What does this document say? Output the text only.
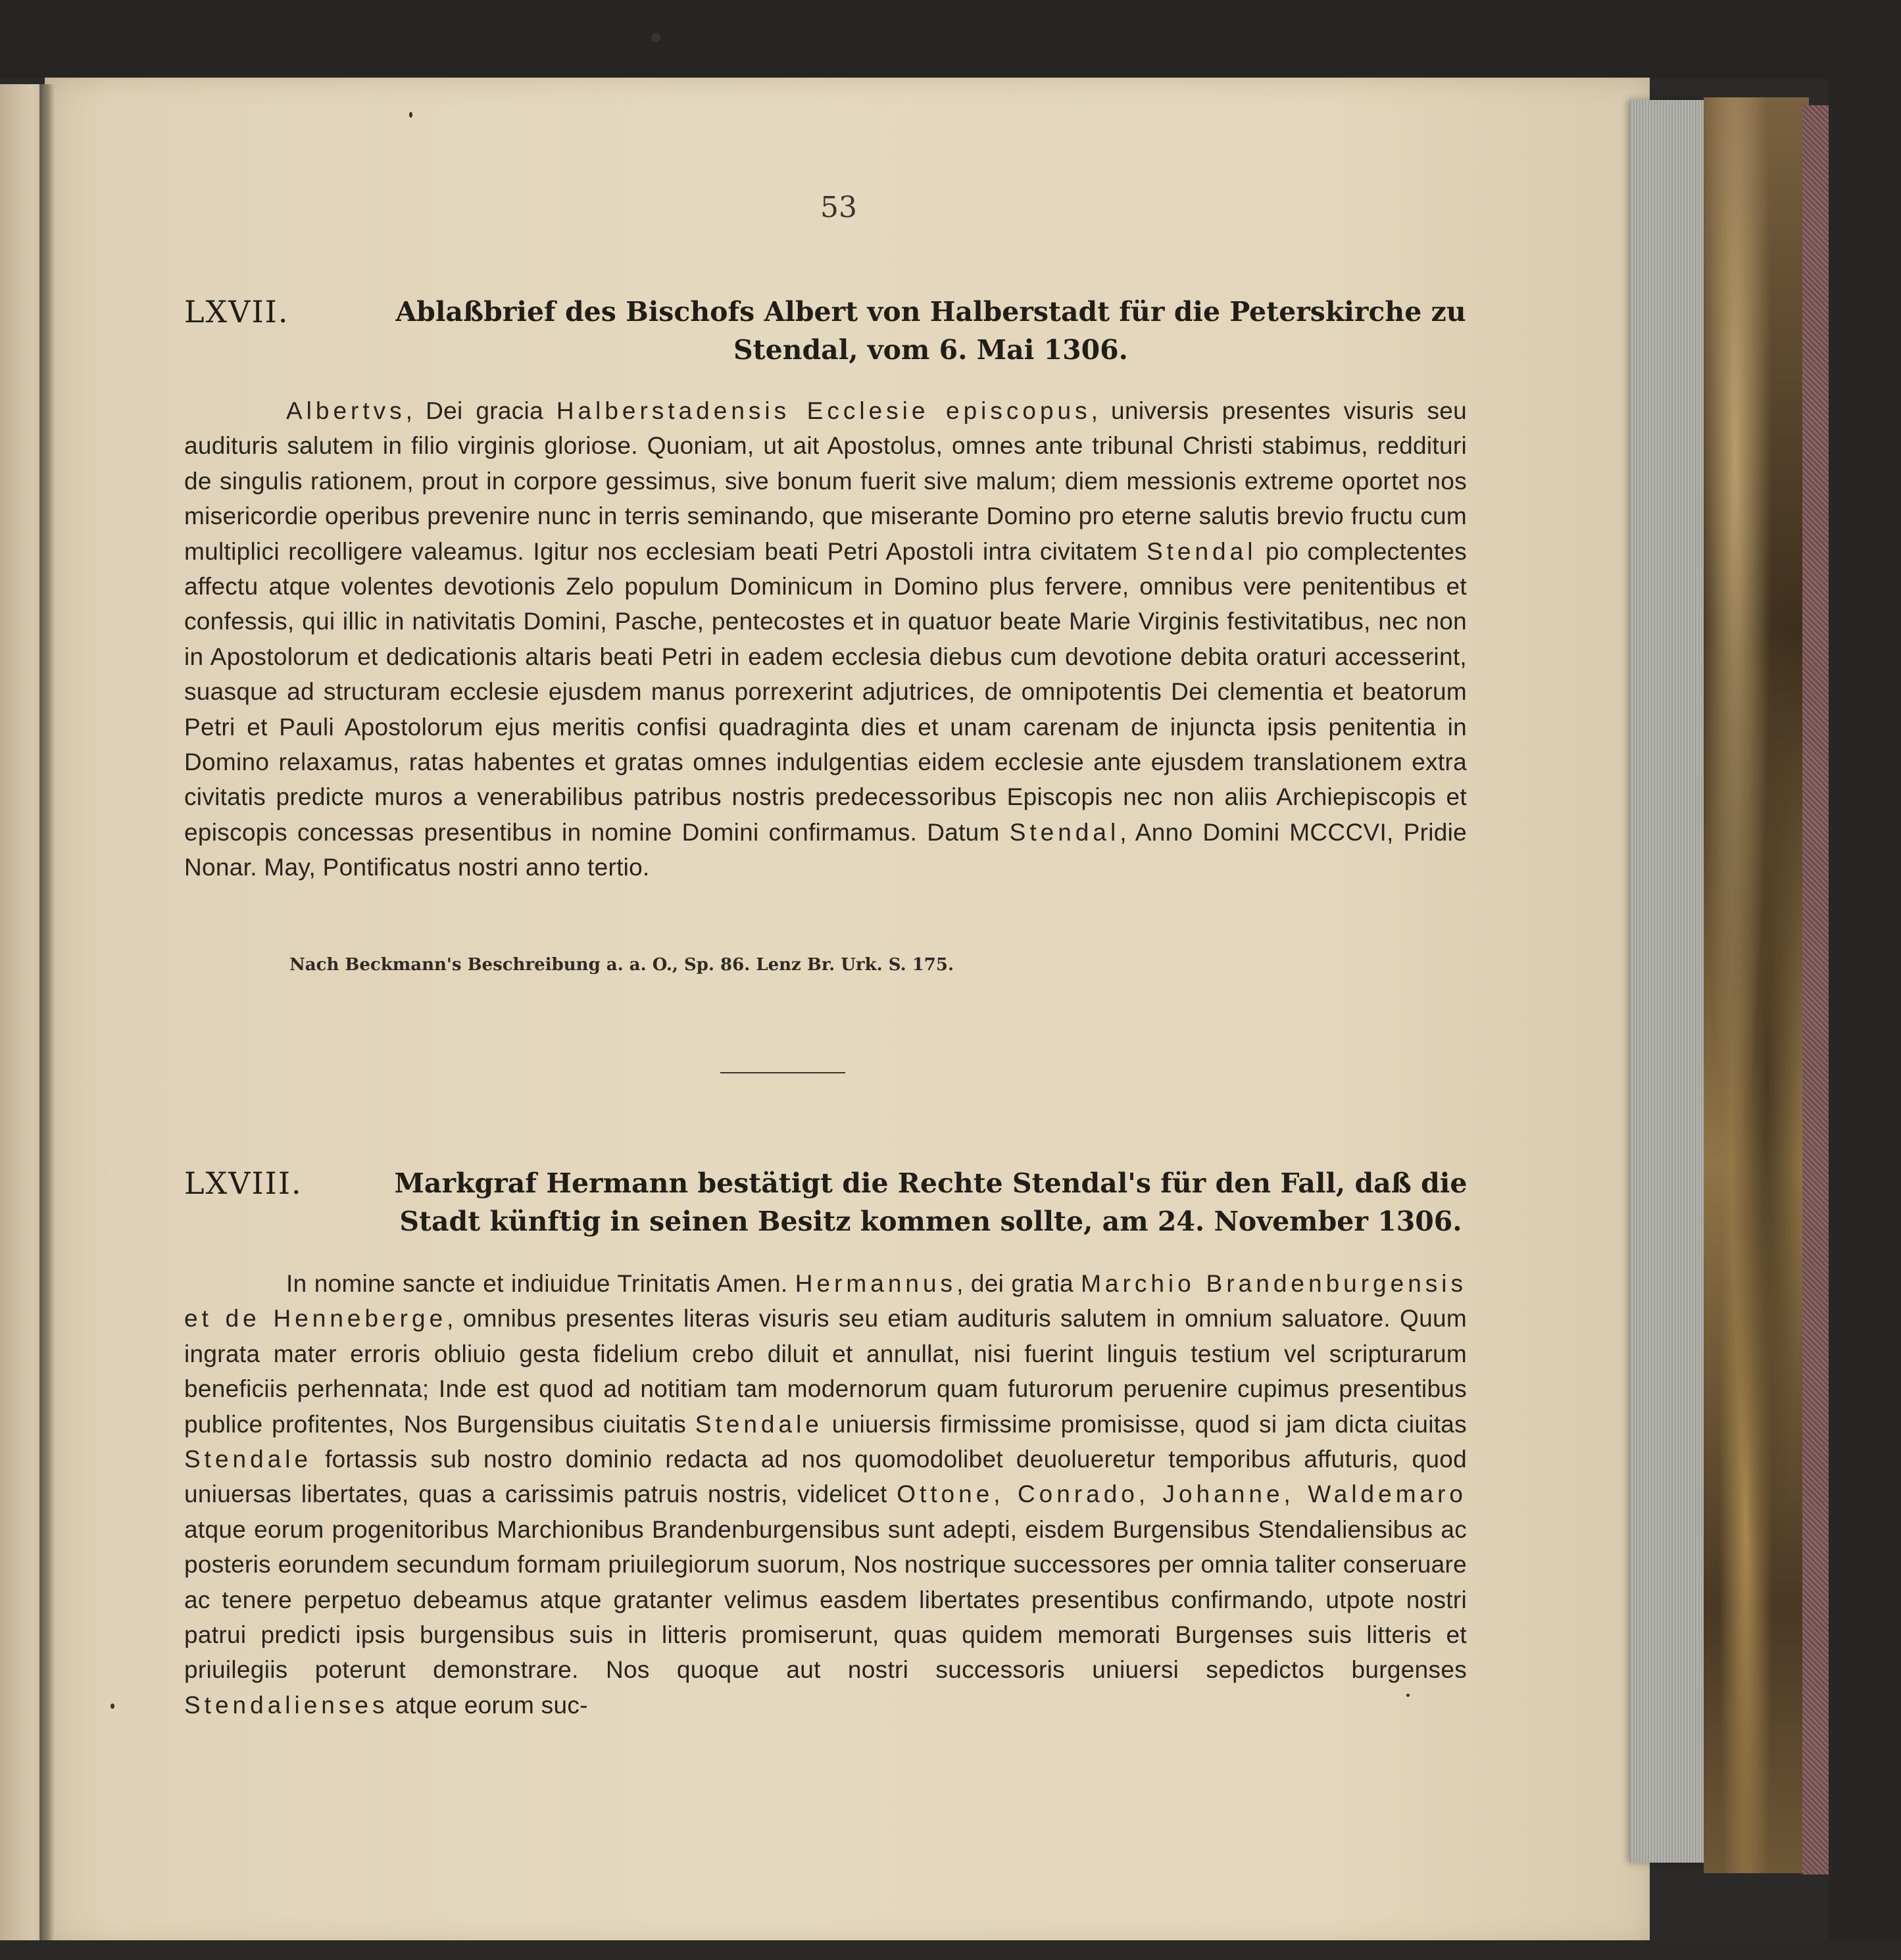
53
LXVII.	Ablaßbrief des Bischofs Albert von Halberstadt für die Peterskirche zu Stendal, vom 6. Mai 1306.
Albertvs, Dei gracia Halberstadensis Ecclesie episcopus, universis presentes visuris seu audituris salutem in filio virginis gloriose. Quoniam, ut ait Apostolus, omnes ante tribunal Christi stabimus, reddituri de singulis rationem, prout in corpore gessimus, sive bonum fuerit sive malum; diem messionis extreme oportet nos misericordie operibus prevenire nunc in terris seminando, que miserante Domino pro eterne salutis brevio fructu cum multiplici recolligere valeamus. Igitur nos ecclesiam beati Petri Apostoli intra civitatem Stendal pio complectentes affectu atque volentes devotionis Zelo populum Dominicum in Domino plus fervere, omnibus vere penitentibus et confessis, qui illic in nativitatis Domini, Pasche, pentecostes et in quatuor beate Marie Virginis festivitatibus, nec non in Apostolorum et dedicationis altaris beati Petri in eadem ecclesia diebus cum devotione debita oraturi accesserint, suasque ad structuram ecclesie ejusdem manus porrexerint adjutrices, de omnipotentis Dei clementia et beatorum Petri et Pauli Apostolorum ejus meritis confisi quadraginta dies et unam carenam de injuncta ipsis penitentia in Domino relaxamus, ratas habentes et gratas omnes indulgentias eidem ecclesie ante ejusdem translationem extra civitatis predicte muros a venerabilibus patribus nostris predecessoribus Episcopis nec non aliis Archiepiscopis et episcopis concessas presentibus in nomine Domini confirmamus. Datum Stendal, Anno Domini MCCCVI, Pridie Nonar. May, Pontificatus nostri anno tertio.
Nach Beckmann's Beschreibung a. a. O., Sp. 86. Lenz Br. Urk. S. 175.
LXVIII.	Markgraf Hermann bestätigt die Rechte Stendal's für den Fall, daß die Stadt künftig in seinen Besitz kommen sollte, am 24. November 1306.
In nomine sancte et indiuidue Trinitatis Amen. Hermannus, dei gratia Marchio Brandenburgensis et de Henneberge, omnibus presentes literas visuris seu etiam audituris salutem in omnium saluatore. Quum ingrata mater erroris obliuio gesta fidelium crebo diluit et annullat, nisi fuerint linguis testium vel scripturarum beneficiis perhennata; Inde est quod ad notitiam tam modernorum quam futurorum peruenire cupimus presentibus publice profitentes, Nos Burgensibus ciuitatis Stendale uniuersis firmissime promisisse, quod si jam dicta ciuitas Stendale fortassis sub nostro dominio redacta ad nos quomodolibet deuolueretur temporibus affuturis, quod uniuersas libertates, quas a carissimis patruis nostris, videlicet Ottone, Conrado, Johanne, Waldemaro atque eorum progenitoribus Marchionibus Brandenburgensibus sunt adepti, eisdem Burgensibus Stendaliensibus ac posteris eorundem secundum formam priuilegiorum suorum, Nos nostrique successores per omnia taliter conseruare ac tenere perpetuo debeamus atque gratanter velimus easdem libertates presentibus confirmando, utpote nostri patrui predicti ipsis burgensibus suis in litteris promiserunt, quas quidem memorati Burgenses suis litteris et priuilegiis poterunt demonstrare. Nos quoque aut nostri successoris uniuersi sepedictos burgenses Stendalienses atque eorum suc-
